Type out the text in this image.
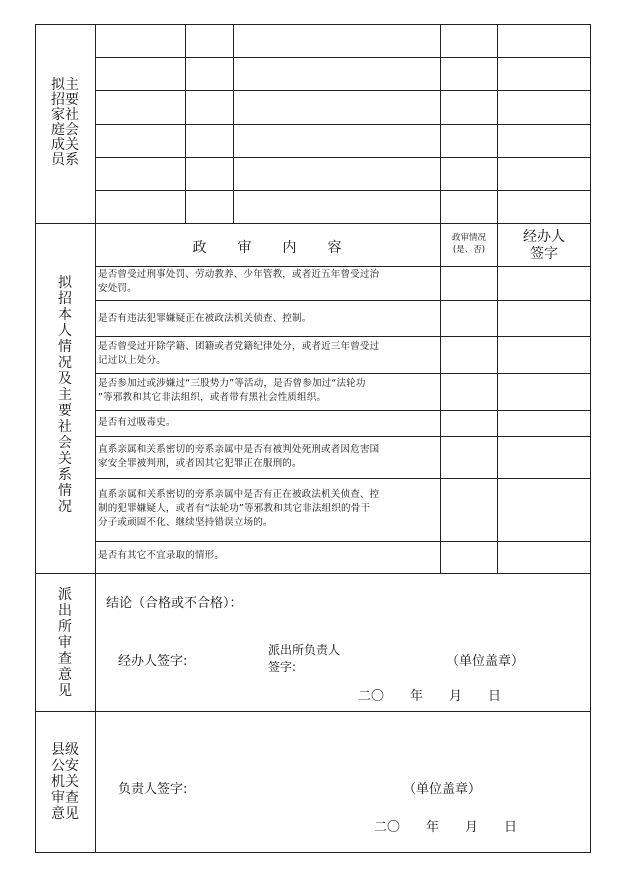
拟主
招要
家社
庭会
成关
员系
拟
招
本
人
情
况
及
主
要
社
会
关
系
情
况
政　　审　　内　　容
政审情况
(是、否)
经办人
签字
是否曾受过刑事处罚、劳动教养、少年管教，或者近五年曾受过治
安处罚。
是否有违法犯罪嫌疑正在被政法机关侦查、控制。
是否曾受过开除学籍、团籍或者党籍纪律处分，或者近三年曾受过
记过以上处分。
是否参加过或涉嫌过“三股势力”等活动，是否曾参加过“法轮功
”等邪教和其它非法组织，或者带有黑社会性质组织。
是否有过吸毒史。
直系亲属和关系密切的旁系亲属中是否有被判处死刑或者因危害国
家安全罪被判刑，或者因其它犯罪正在服刑的。
直系亲属和关系密切的旁系亲属中是否有正在被政法机关侦查、控
制的犯罪嫌疑人，或者有“法轮功”等邪教和其它非法组织的骨干
分子或顽固不化、继续坚持错误立场的。
是否有其它不宜录取的情形。
派
出
所
审
查
意
见
结论（合格或不合格）：
经办人签字:
派出所负责人
签字:	（单位盖章）
二〇　　年　　月　　日
县级
公安
机关
审查
意见
负责人签字:	（单位盖章）
二〇　　年　　月　　日
